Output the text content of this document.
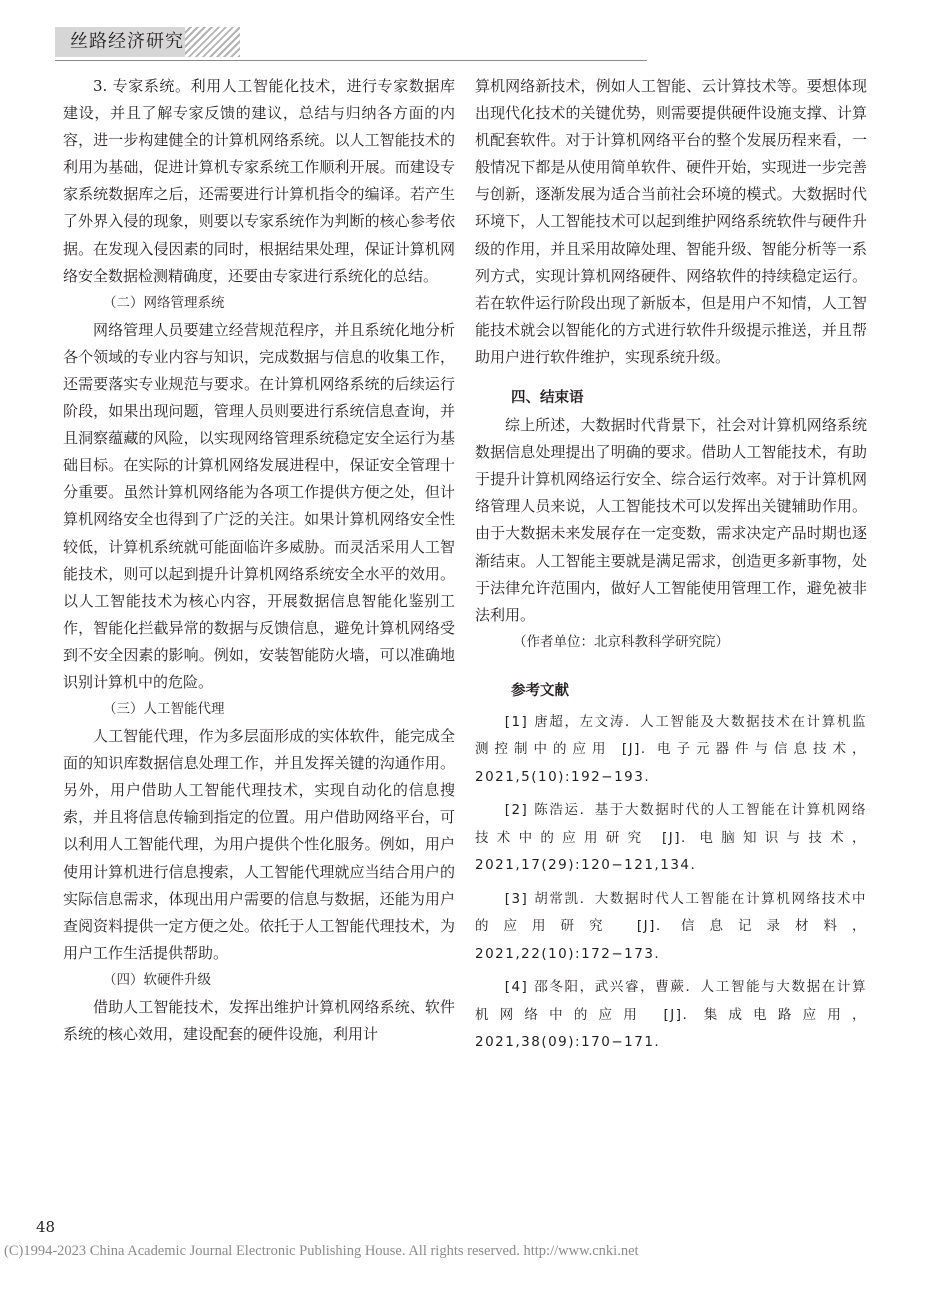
丝路经济研究

3. 专家系统。利用人工智能化技术，进行专家数据库建设，并且了解专家反馈的建议，总结与归纳各方面的内容，进一步构建健全的计算机网络系统。以人工智能技术的利用为基础，促进计算机专家系统工作顺利开展。而建设专家系统数据库之后，还需要进行计算机指令的编译。若产生了外界入侵的现象，则要以专家系统作为判断的核心参考依据。在发现入侵因素的同时，根据结果处理，保证计算机网络安全数据检测精确度，还要由专家进行系统化的总结。

（二）网络管理系统

网络管理人员要建立经营规范程序，并且系统化地分析各个领域的专业内容与知识，完成数据与信息的收集工作，还需要落实专业规范与要求。在计算机网络系统的后续运行阶段，如果出现问题，管理人员则要进行系统信息查询，并且洞察蕴藏的风险，以实现网络管理系统稳定安全运行为基础目标。在实际的计算机网络发展进程中，保证安全管理十分重要。虽然计算机网络能为各项工作提供方便之处，但计算机网络安全也得到了广泛的关注。如果计算机网络安全性较低，计算机系统就可能面临许多威胁。而灵活采用人工智能技术，则可以起到提升计算机网络系统安全水平的效用。以人工智能技术为核心内容，开展数据信息智能化鉴别工作，智能化拦截异常的数据与反馈信息，避免计算机网络受到不安全因素的影响。例如，安装智能防火墙，可以准确地识别计算机中的危险。

（三）人工智能代理

人工智能代理，作为多层面形成的实体软件，能完成全面的知识库数据信息处理工作，并且发挥关键的沟通作用。另外，用户借助人工智能代理技术，实现自动化的信息搜索，并且将信息传输到指定的位置。用户借助网络平台，可以利用人工智能代理，为用户提供个性化服务。例如，用户使用计算机进行信息搜索，人工智能代理就应当结合用户的实际信息需求，体现出用户需要的信息与数据，还能为用户查阅资料提供一定方便之处。依托于人工智能代理技术，为用户工作生活提供帮助。

（四）软硬件升级

借助人工智能技术，发挥出维护计算机网络系统、软件系统的核心效用，建设配套的硬件设施，利用计

算机网络新技术，例如人工智能、云计算技术等。要想体现出现代化技术的关键优势，则需要提供硬件设施支撑、计算机配套软件。对于计算机网络平台的整个发展历程来看，一般情况下都是从使用简单软件、硬件开始，实现进一步完善与创新，逐渐发展为适合当前社会环境的模式。大数据时代环境下，人工智能技术可以起到维护网络系统软件与硬件升级的作用，并且采用故障处理、智能升级、智能分析等一系列方式，实现计算机网络硬件、网络软件的持续稳定运行。若在软件运行阶段出现了新版本，但是用户不知情，人工智能技术就会以智能化的方式进行软件升级提示推送，并且帮助用户进行软件维护，实现系统升级。

四、结束语

综上所述，大数据时代背景下，社会对计算机网络系统数据信息处理提出了明确的要求。借助人工智能技术，有助于提升计算机网络运行安全、综合运行效率。对于计算机网络管理人员来说，人工智能技术可以发挥出关键辅助作用。由于大数据未来发展存在一定变数，需求决定产品时期也逐渐结束。人工智能主要就是满足需求，创造更多新事物，处于法律允许范围内，做好人工智能使用管理工作，避免被非法利用。

（作者单位：北京科教科学研究院）

参考文献

[1] 唐超，左文涛．人工智能及大数据技术在计算机监测控制中的应用 [J]. 电子元器件与信息技术，2021,5(10):192−193.

[2] 陈浩运．基于大数据时代的人工智能在计算机网络技术中的应用研究 [J]. 电脑知识与技术，2021,17(29):120−121,134.

[3] 胡常凯．大数据时代人工智能在计算机网络技术中的应用研究 [J]. 信息记录材料，2021,22(10):172−173.

[4] 邵冬阳，武兴睿，曹蕨．人工智能与大数据在计算机网络中的应用 [J]. 集成电路应用，2021,38(09):170−171.

48
(C)1994-2023 China Academic Journal Electronic Publishing House. All rights reserved. http://www.cnki.net
